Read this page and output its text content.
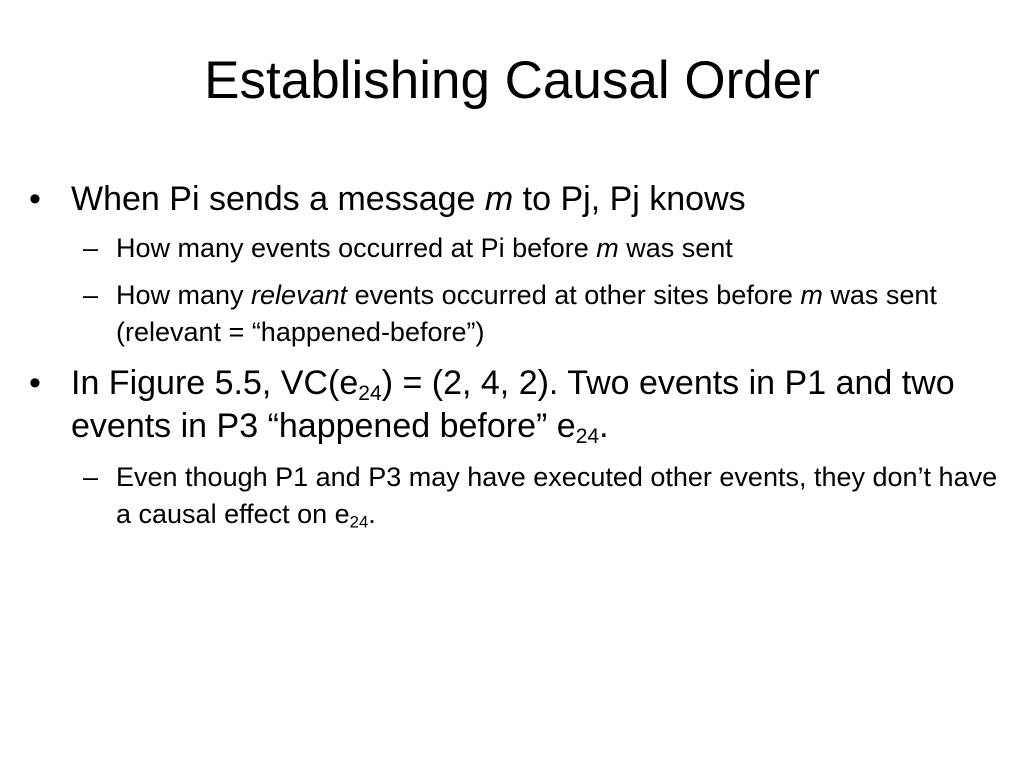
Establishing Causal Order
• When Pi sends a message m to Pj, Pj knows
– How many events occurred at Pi before m was sent
– How many relevant events occurred at other sites before m was sent (relevant = “happened-before”)
• In Figure 5.5, $VC(e_{24}) = (2$, 4, 2). Two events in P1 and two events in P3 “happened before” $e_{24}$.
– Even though P1 and P3 may have executed other events, they don’t have a causal effect on $e_{24}$.
